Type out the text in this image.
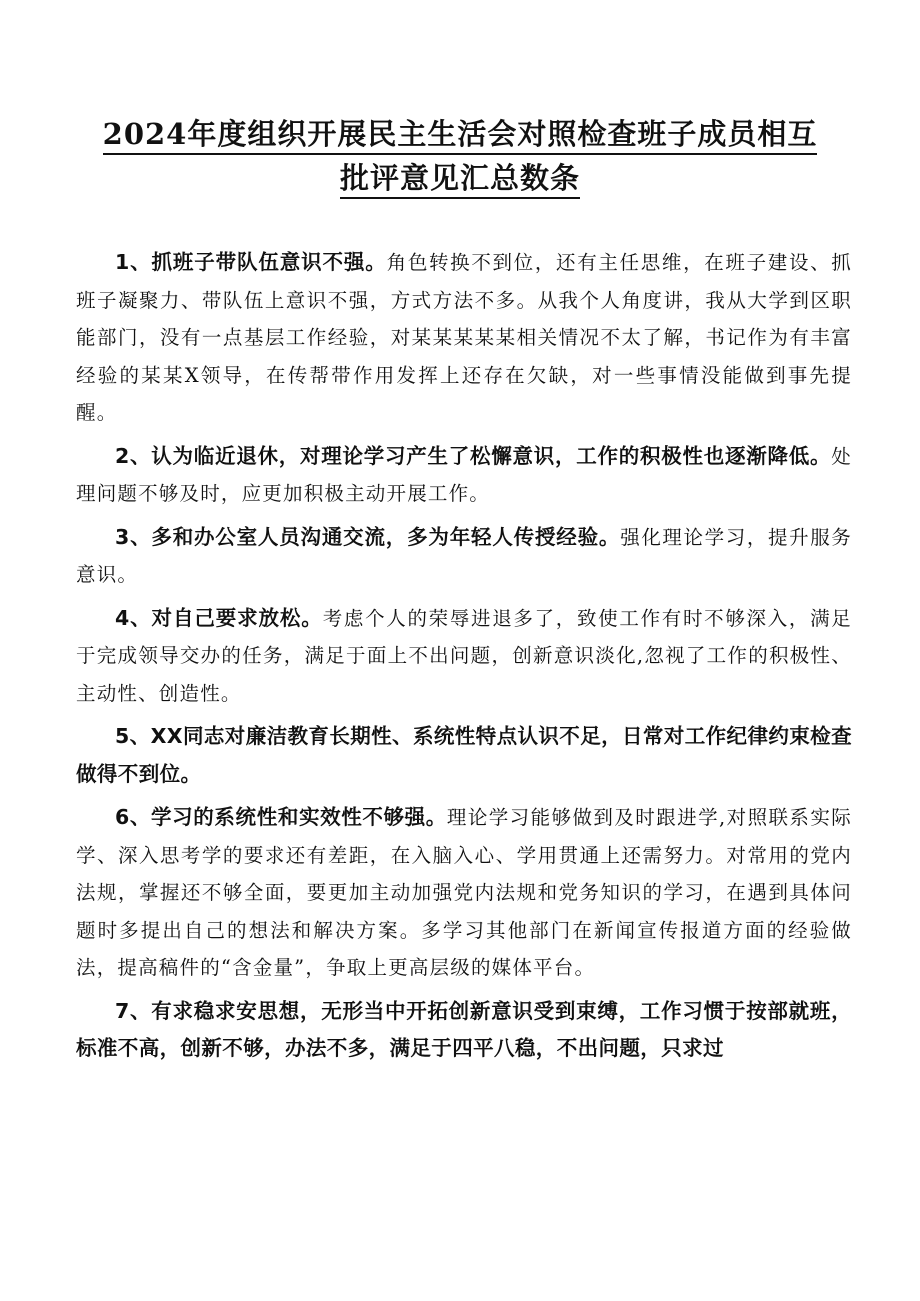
2024年度组织开展民主生活会对照检查班子成员相互
批评意见汇总数条

1、抓班子带队伍意识不强。角色转换不到位，还有主任思维，在班子建设、抓班子凝聚力、带队伍上意识不强，方式方法不多。从我个人角度讲，我从大学到区职能部门，没有一点基层工作经验，对某某某某某相关情况不太了解，书记作为有丰富经验的某某X领导，在传帮带作用发挥上还存在欠缺，对一些事情没能做到事先提醒。

2、认为临近退休，对理论学习产生了松懈意识，工作的积极性也逐渐降低。处理问题不够及时，应更加积极主动开展工作。

3、多和办公室人员沟通交流，多为年轻人传授经验。强化理论学习，提升服务意识。

4、对自己要求放松。考虑个人的荣辱进退多了，致使工作有时不够深入，满足于完成领导交办的任务，满足于面上不出问题，创新意识淡化,忽视了工作的积极性、主动性、创造性。

5、XX同志对廉洁教育长期性、系统性特点认识不足，日常对工作纪律约束检查做得不到位。

6、学习的系统性和实效性不够强。理论学习能够做到及时跟进学,对照联系实际学、深入思考学的要求还有差距，在入脑入心、学用贯通上还需努力。对常用的党内法规，掌握还不够全面，要更加主动加强党内法规和党务知识的学习，在遇到具体问题时多提出自己的想法和解决方案。多学习其他部门在新闻宣传报道方面的经验做法，提高稿件的“含金量”，争取上更高层级的媒体平台。

7、有求稳求安思想，无形当中开拓创新意识受到束缚，工作习惯于按部就班，标准不高，创新不够，办法不多，满足于四平八稳，不出问题，只求过
